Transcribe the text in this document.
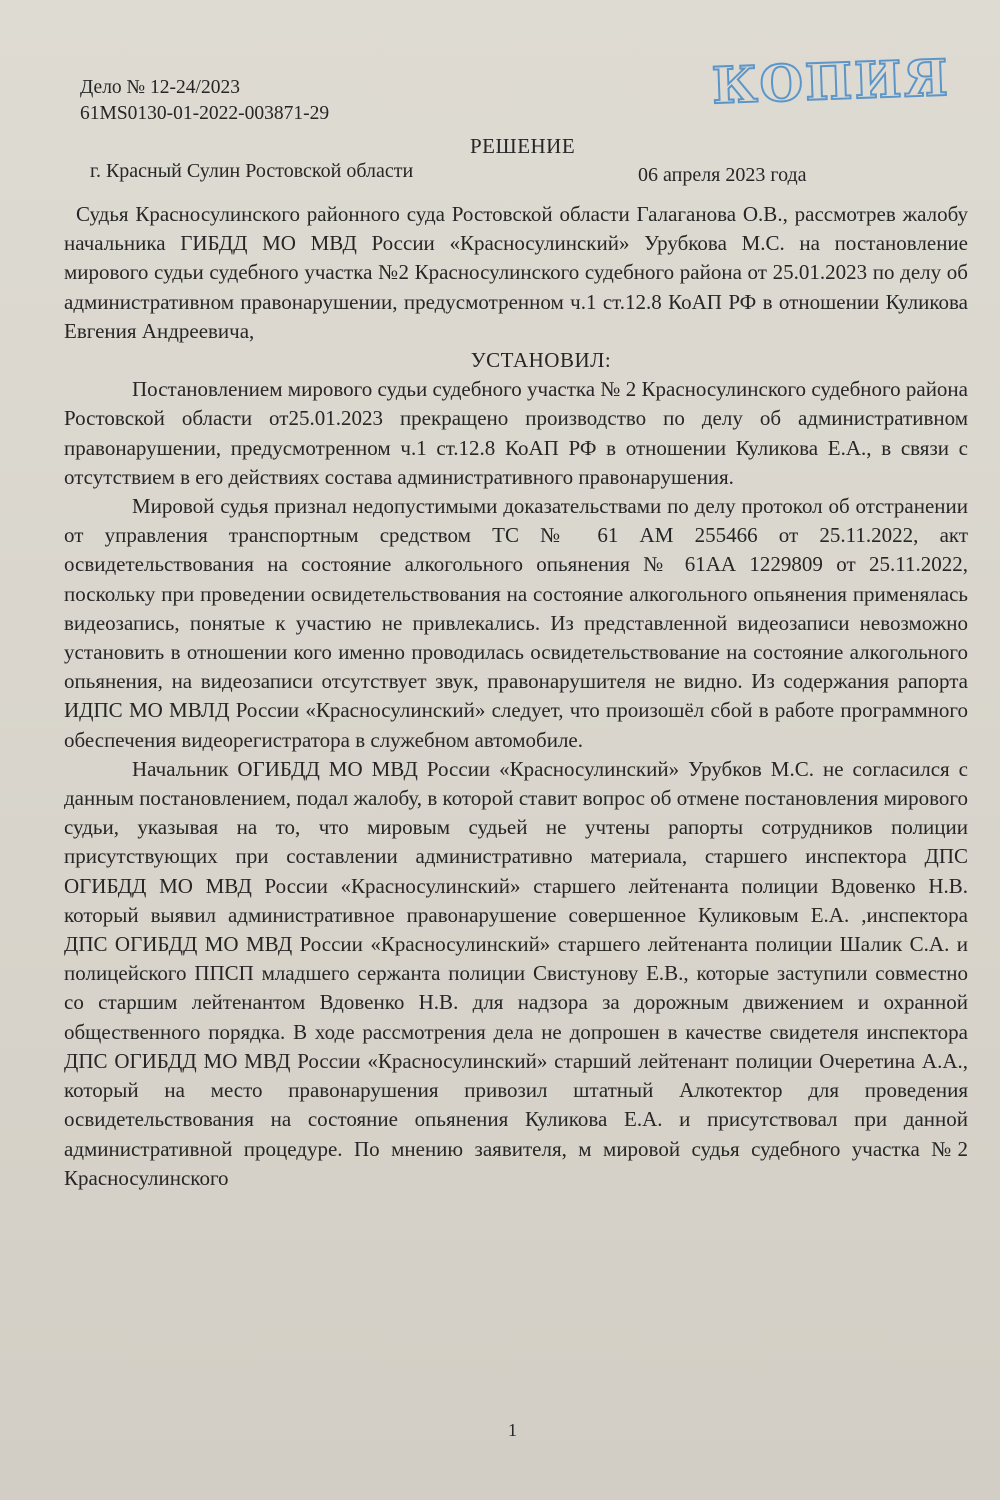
Дело № 12-24/2023
61MS0130-01-2022-003871-29	КОПИЯ
РЕШЕНИЕ
г. Красный Сулин Ростовской области	06 апреля 2023 года

Судья Красносулинского районного суда Ростовской области Галаганова О.В., рассмотрев жалобу начальника ГИБДД МО МВД России «Красносулинский» Урубкова М.С. на постановление мирового судьи судебного участка №2 Красносулинского судебного района от 25.01.2023 по делу об административном правонарушении, предусмотренном ч.1 ст.12.8 КоАП РФ в отношении Куликова Евгения Андреевича,

УСТАНОВИЛ:

Постановлением мирового судьи судебного участка № 2 Красносулинского судебного района Ростовской области от25.01.2023 прекращено производство по делу об административном правонарушении, предусмотренном ч.1 ст.12.8 КоАП РФ в отношении Куликова Е.А., в связи с отсутствием в его действиях состава административного правонарушения.

Мировой судья признал недопустимыми доказательствами по делу протокол об отстранении от управления транспортным средством ТС № 61 АМ 255466 от 25.11.2022, акт освидетельствования на состояние алкогольного опьянения № 61АА 1229809 от 25.11.2022, поскольку при проведении освидетельствования на состояние алкогольного опьянения применялась видеозапись, понятые к участию не привлекались. Из представленной видеозаписи невозможно установить в отношении кого именно проводилась освидетельствование на состояние алкогольного опьянения, на видеозаписи отсутствует звук, правонарушителя не видно. Из содержания рапорта ИДПС МО МВЛД России «Красносулинский» следует, что произошёл сбой в работе программного обеспечения видеорегистратора в служебном автомобиле.

Начальник ОГИБДД МО МВД России «Красносулинский» Урубков М.С. не согласился с данным постановлением, подал жалобу, в которой ставит вопрос об отмене постановления мирового судьи, указывая на то, что мировым судьей не учтены рапорты сотрудников полиции присутствующих при составлении административно материала, старшего инспектора ДПС ОГИБДД МО МВД России «Красносулинский» старшего лейтенанта полиции Вдовенко Н.В. который выявил административное правонарушение совершенное Куликовым Е.А. ,инспектора ДПС ОГИБДД МО МВД России «Красносулинский» старшего лейтенанта полиции Шалик С.А. и полицейского ППСП младшего сержанта полиции Свистунову Е.В., которые заступили совместно со старшим лейтенантом Вдовенко Н.В. для надзора за дорожным движением и охранной общественного порядка. В ходе рассмотрения дела не допрошен в качестве свидетеля инспектора ДПС ОГИБДД МО МВД России «Красносулинский» старший лейтенант полиции Очеретина А.А., который на место правонарушения привозил штатный Алкотектор для проведения освидетельствования на состояние опьянения Куликова Е.А. и присутствовал при данной административной процедуре. По мнению заявителя, м мировой судья судебного участка №2 Красносулинского

1
